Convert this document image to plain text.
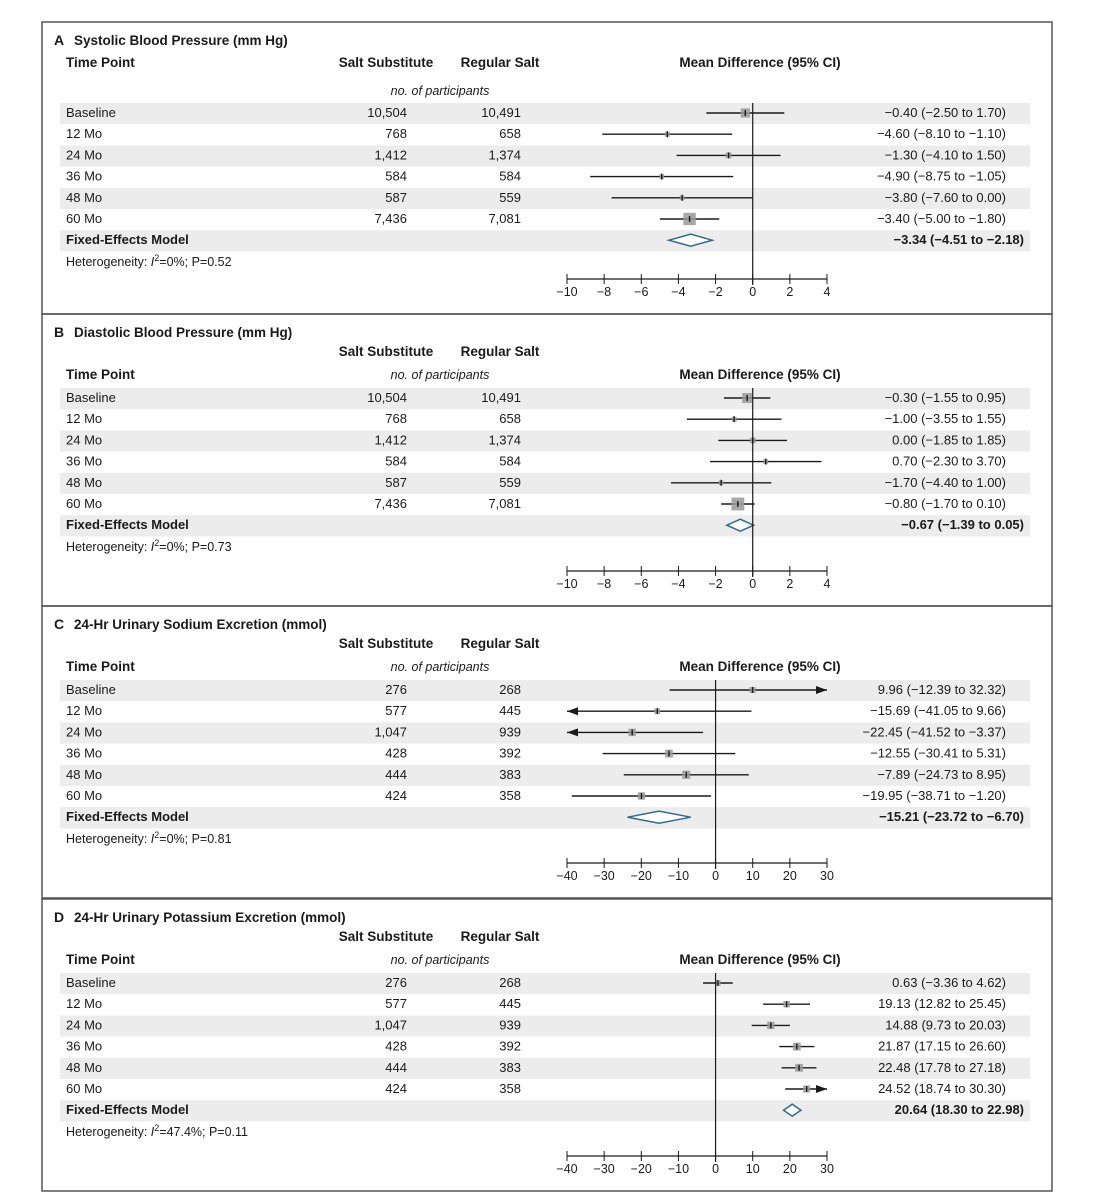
A Systolic Blood Pressure (mm Hg)
Salt Substitute Regular Salt
Time Point	Mean Difference (95% CI)
no. of participants
Baseline	10,504	10,491	−0.40 (−2.50 to 1.70)
12 Mo	768	658	−4.60 (−8.10 to −1.10)
24 Mo	1,412	1,374	−1.30 (−4.10 to 1.50)
36 Mo	584	584	−4.90 (−8.75 to −1.05)
48 Mo	587	559	−3.80 (−7.60 to 0.00)
60 Mo	7,436	7,081	−3.40 (−5.00 to −1.80)
Fixed-Effects Model	−3.34 (−4.51 to −2.18)
Heterogeneity: $I^2=0\%$; P=0.52
−10 −8 −6 −4 −2 0 2 4
B Diastolic Blood Pressure (mm Hg)
Salt Substitute Regular Salt
Time Point	Mean Difference (95% CI)
no. of participants
Baseline	10,504	10,491	−0.30 (−1.55 to 0.95)
12 Mo	768	658	−1.00 (−3.55 to 1.55)
24 Mo	1,412	1,374	0.00 (−1.85 to 1.85)
36 Mo	584	584	0.70 (−2.30 to 3.70)
48 Mo	587	559	−1.70 (−4.40 to 1.00)
60 Mo	7,436	7,081	−0.80 (−1.70 to 0.10)
Fixed-Effects Model	−0.67 (−1.39 to 0.05)
Heterogeneity: $I^2=0\%$; P=0.73
−10 −8 −6 −4 −2 0 2 4
C 24-Hr Urinary Sodium Excretion (mmol)
Salt Substitute Regular Salt
Time Point	Mean Difference (95% CI)
no. of participants
Baseline	276	268	9.96 (−12.39 to 32.32)
12 Mo	577	445	−15.69 (−41.05 to 9.66)
24 Mo	1,047	939	−22.45 (−41.52 to −3.37)
36 Mo	428	392	−12.55 (−30.41 to 5.31)
48 Mo	444	383	−7.89 (−24.73 to 8.95)
60 Mo	424	358	−19.95 (−38.71 to −1.20)
Fixed-Effects Model	−15.21 (−23.72 to −6.70)
Heterogeneity: $I^2=0\%$; P=0.81
−40 −30 −20 −10 0 10 20 30
D 24-Hr Urinary Potassium Excretion (mmol)
Salt Substitute Regular Salt
Time Point	Mean Difference (95% CI)
no. of participants
Baseline	276	268	0.63 (−3.36 to 4.62)
12 Mo	577	445	19.13 (12.82 to 25.45)
24 Mo	1,047	939	14.88 (9.73 to 20.03)
36 Mo	428	392	21.87 (17.15 to 26.60)
48 Mo	444	383	22.48 (17.78 to 27.18)
60 Mo	424	358	24.52 (18.74 to 30.30)
Fixed-Effects Model	20.64 (18.30 to 22.98)
Heterogeneity: $I^2=47.4\%$; P=0.11
−40 −30 −20 −10 0 10 20 30
